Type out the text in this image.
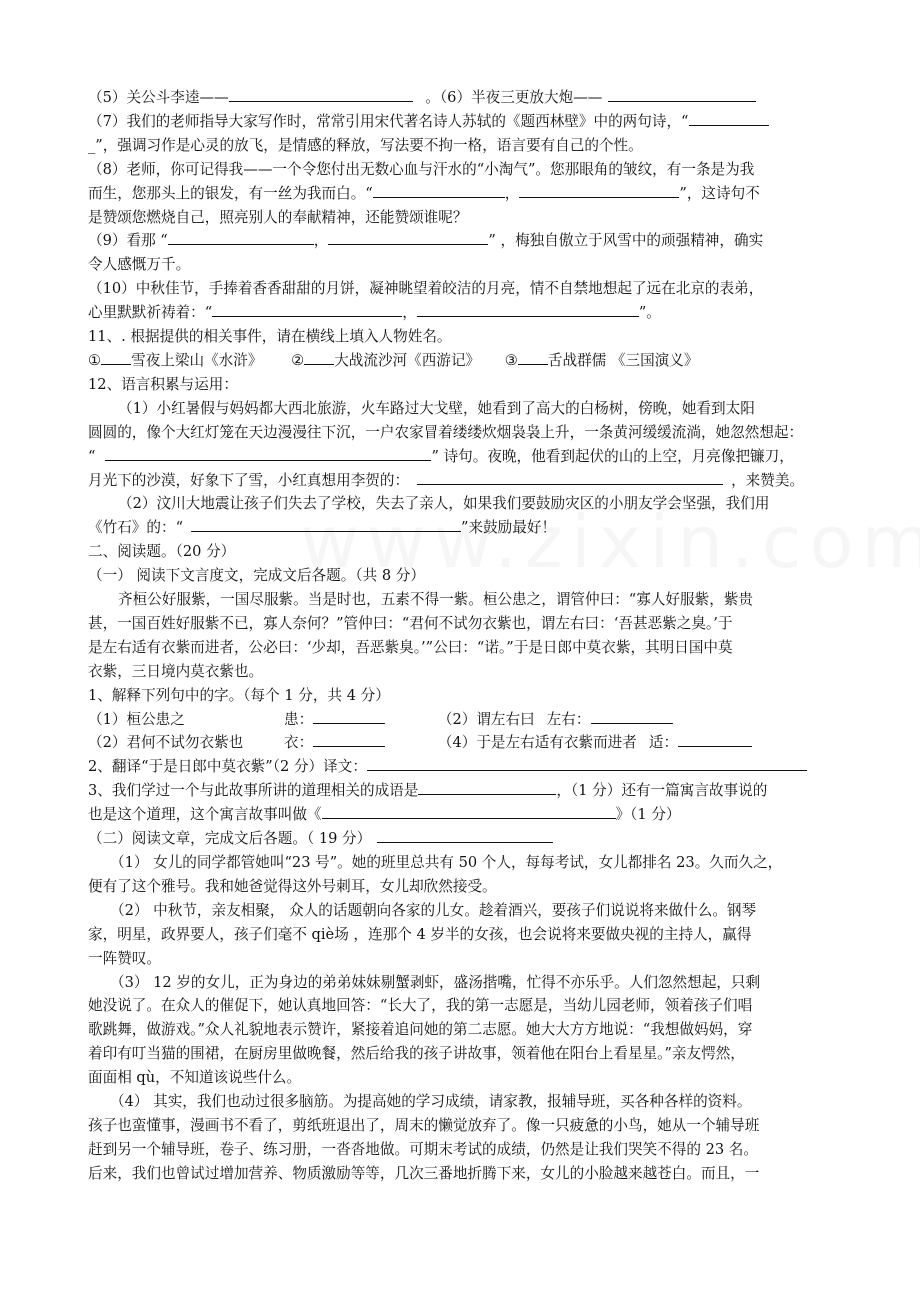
（5）关公斗李逵——	。（6）半夜三更放大炮——
（7）我们的老师指导大家写作时，常常引用宋代著名诗人苏轼的《题西林壁》中的两句诗，“
_”，强调习作是心灵的放飞，是情感的释放，写法要不拘一格，语言要有自己的个性。
（8）老师，你可记得我——一个令您付出无数心血与汗水的“小淘气”。您那眼角的皱纹，有一条是为我
而生，您那头上的银发，有一丝为我而白。“	，	”，这诗句不
是赞颂您燃烧自己，照亮别人的奉献精神，还能赞颂谁呢？
（9）看那 “	，	” ，梅独自傲立于风雪中的顽强精神，确实
令人感慨万千。
（10）中秋佳节，手捧着香香甜甜的月饼，凝神眺望着皎洁的月亮，情不自禁地想起了远在北京的表弟，
心里默默祈祷着：“	，	”。
11、. 根据提供的相关事件，请在横线上填入人物姓名。
① 雪夜上梁山《水浒》 ② 大战流沙河《西游记》 ③ 舌战群儒 《三国演义》
12、语言积累与运用：
（1）小红暑假与妈妈都大西北旅游，火车路过大戈壁，她看到了高大的白杨树，傍晚，她看到太阳
圆圆的，像个大红灯笼在天边漫漫往下沉，一户农家冒着缕缕炊烟袅袅上升，一条黄河缓缓流淌，她忽然想起：
“	” 诗句。夜晚，他看到起伏的山的上空，月亮像把镰刀，
月光下的沙漠，好象下了雪，小红真想用李贺的：	，来赞美。
（2）汶川大地震让孩子们失去了学校，失去了亲人，如果我们要鼓励灾区的小朋友学会坚强，我们用
《竹石》的：“	”来鼓励最好！
二、阅读题。（20 分）
（一） 阅读下文言度文，完成文后各题。（共 8 分）
齐桓公好服紫，一国尽服紫。当是时也，五素不得一紫。桓公患之，谓管仲曰：“寡人好服紫，紫贵
甚，一国百姓好服紫不已，寡人奈何？”管仲曰：“君何不试勿衣紫也，谓左右曰：‘吾甚恶紫之臭。’于
是左右适有衣紫而进者，公必曰：‘少却，吾恶紫臭。’”公曰：“诺。”于是日郎中莫衣紫，其明日国中莫
衣紫，三日境内莫衣紫也。
1、解释下列句中的字。（每个 1 分，共 4 分）
（1）桓公患之	患：	（2）谓左右曰 左右：
（2）君何不试勿衣紫也	衣：	（4）于是左右适有衣紫而进者 适：
2、翻译“于是日郎中莫衣紫”（2 分）译文：
3、我们学过一个与此故事所讲的道理相关的成语是	，（1 分）还有一篇寓言故事说的
也是这个道理，这个寓言故事叫做《	》（1 分）
（二）阅读文章，完成文后各题。（ 19 分）
（1） 女儿的同学都管她叫“23 号”。她的班里总共有 50 个人，每每考试，女儿都排名 23。久而久之，
便有了这个雅号。我和她爸觉得这外号刺耳，女儿却欣然接受。
（2） 中秋节，亲友相聚， 众人的话题朝向各家的儿女。趁着酒兴，要孩子们说说将来做什么。钢琴
家，明星，政界要人，孩子们毫不 qiè场 ，连那个 4 岁半的女孩，也会说将来要做央视的主持人，赢得
一阵赞叹。
（3） 12 岁的女儿，正为身边的弟弟妹妹剔蟹剥虾，盛汤揩嘴，忙得不亦乐乎。人们忽然想起，只剩
她没说了。在众人的催促下，她认真地回答：“长大了，我的第一志愿是，当幼儿园老师，领着孩子们唱
歌跳舞，做游戏。”众人礼貌地表示赞许，紧接着追问她的第二志愿。她大大方方地说：“我想做妈妈，穿
着印有叮当猫的围裙，在厨房里做晚餐，然后给我的孩子讲故事，领着他在阳台上看星星。”亲友愕然，
面面相 qù，不知道该说些什么。
（4） 其实，我们也动过很多脑筋。为提高她的学习成绩，请家教，报辅导班，买各种各样的资料。
孩子也蛮懂事，漫画书不看了，剪纸班退出了，周末的懒觉放弃了。像一只疲惫的小鸟，她从一个辅导班
赶到另一个辅导班，卷子、练习册，一沓沓地做。可期末考试的成绩，仍然是让我们哭笑不得的 23 名。
后来，我们也曾试过增加营养、物质激励等等，几次三番地折腾下来，女儿的小脸越来越苍白。而且，一
